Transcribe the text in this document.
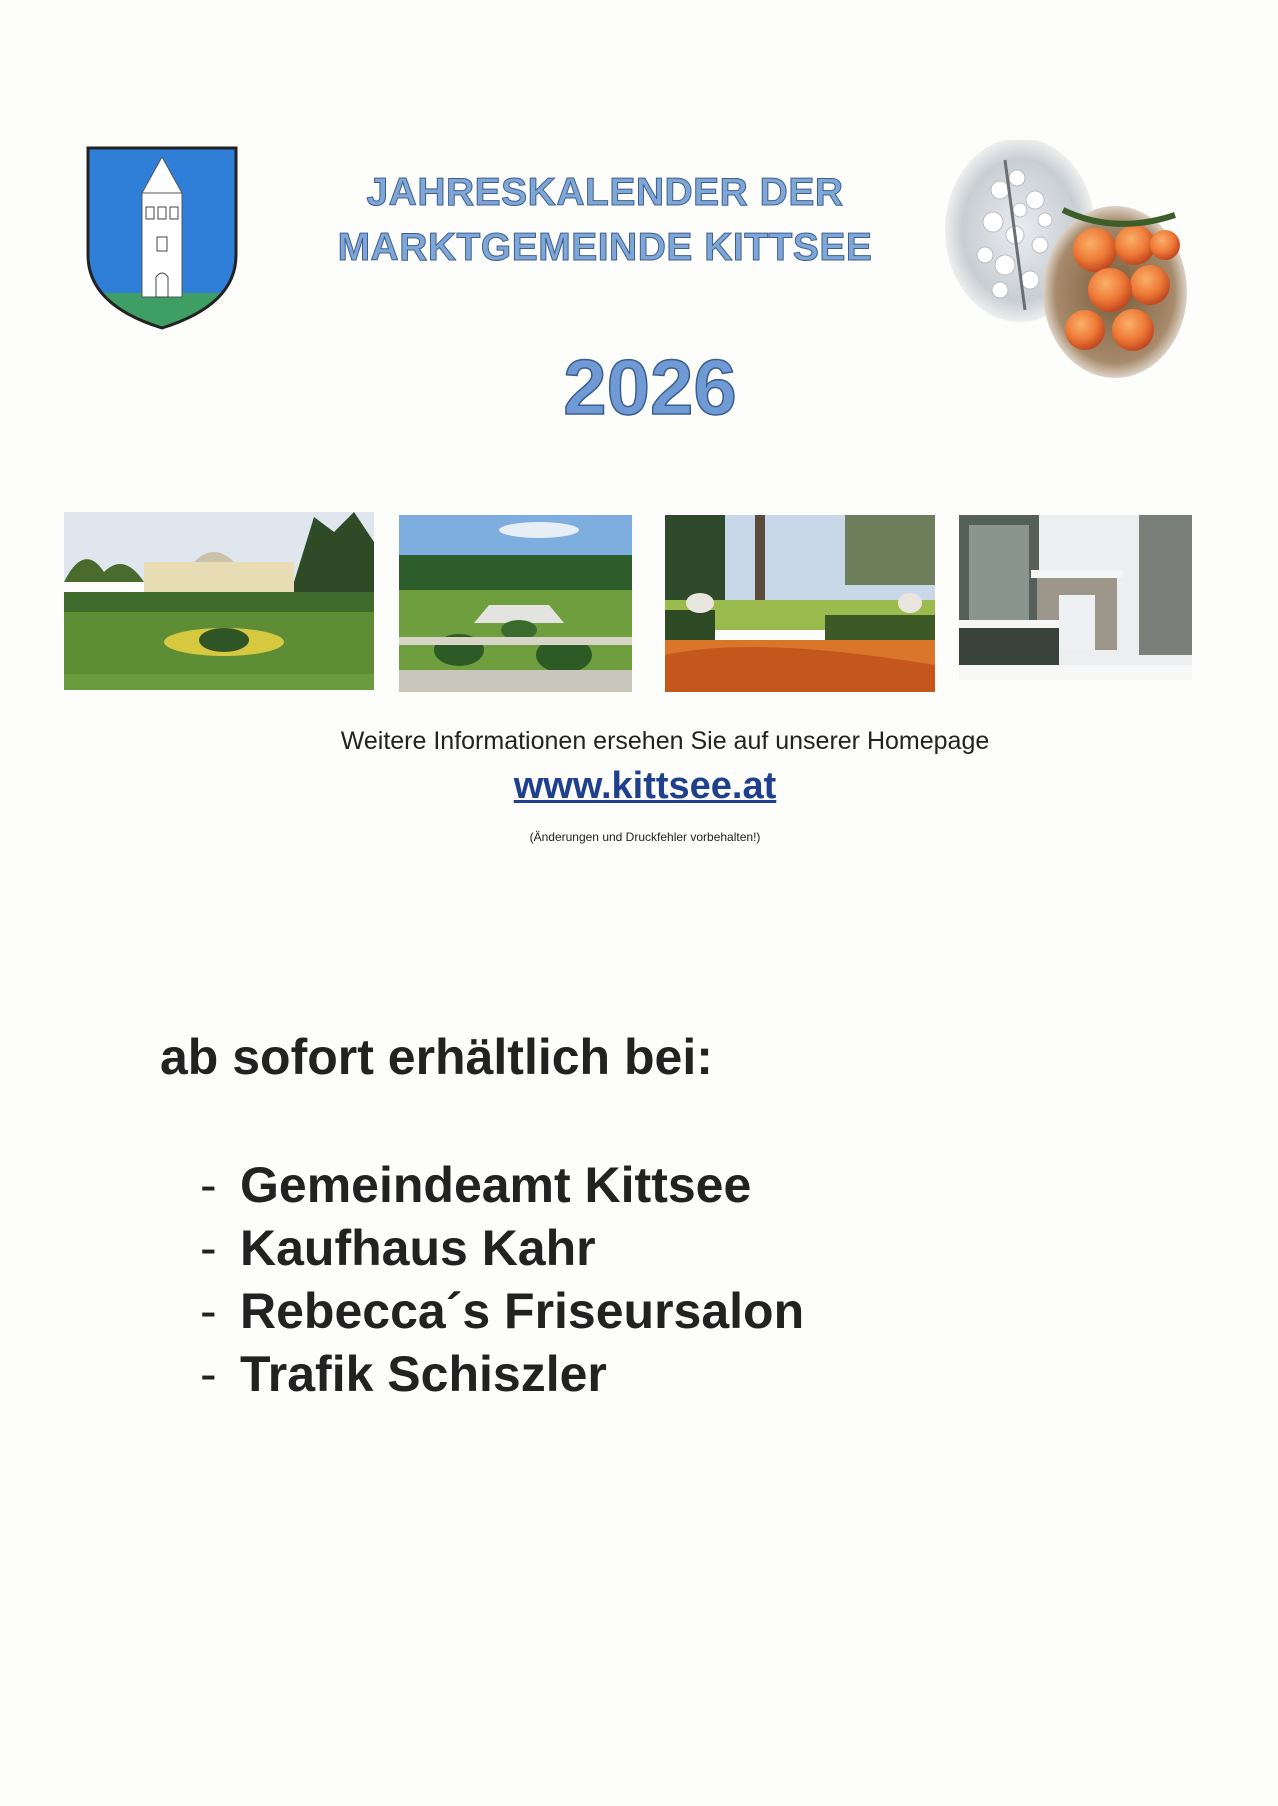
JAHRESKALENDER DER
MARKTGEMEINDE KITTSEE
2026
Weitere Informationen ersehen Sie auf unserer Homepage
www.kittsee.at
(Änderungen und Druckfehler vorbehalten!)
ab sofort erhältlich bei:
- Gemeindeamt Kittsee
- Kaufhaus Kahr
- Rebecca´s Friseursalon
- Trafik Schiszler
